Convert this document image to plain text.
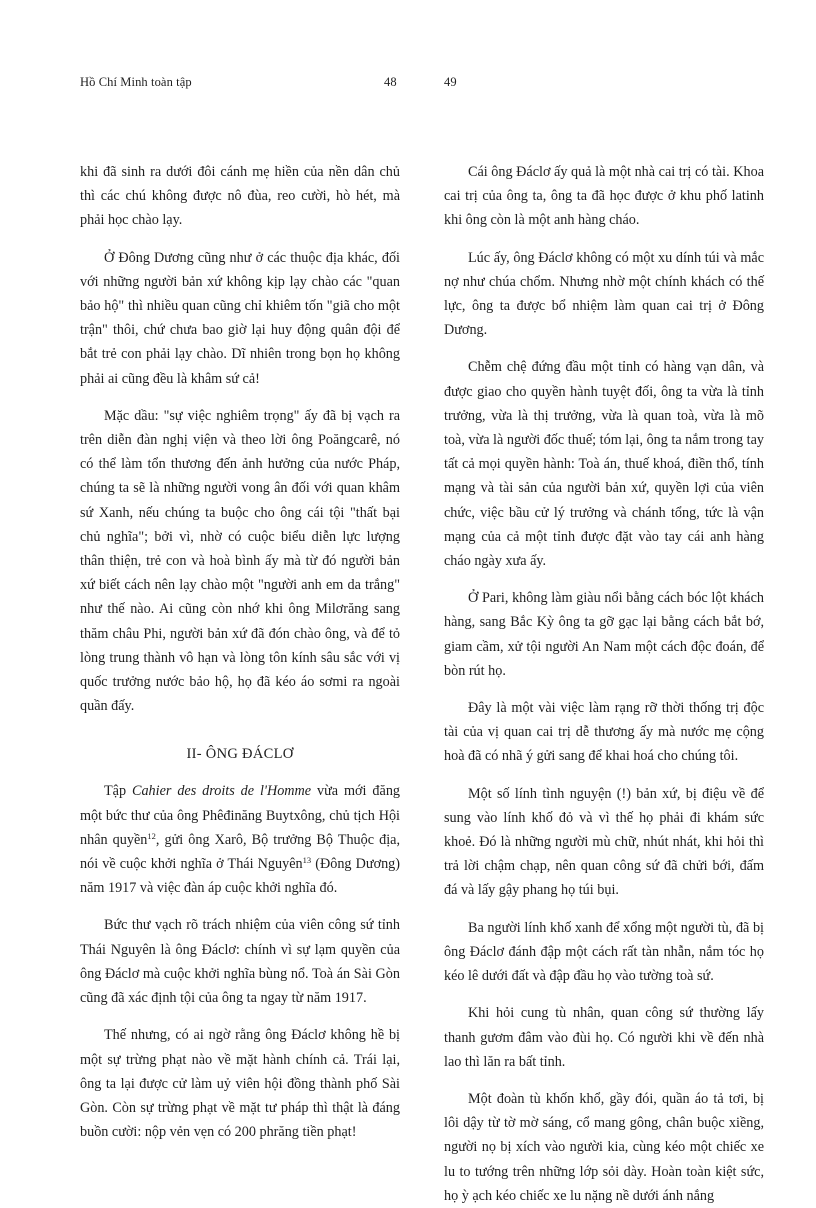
Hồ Chí Minh toàn tập	48	49

khi đã sinh ra dưới đôi cánh mẹ hiền của nền dân chủ thì các chú không được nô đùa, reo cười, hò hét, mà phải học chào lạy.

Ở Đông Dương cũng như ở các thuộc địa khác, đối với những người bản xứ không kịp lạy chào các "quan bảo hộ" thì nhiều quan cũng chỉ khiêm tốn "giã cho một trận" thôi, chứ chưa bao giờ lại huy động quân đội để bắt trẻ con phải lạy chào. Dĩ nhiên trong bọn họ không phải ai cũng đều là khâm sứ cả!

Mặc dầu: "sự việc nghiêm trọng" ấy đã bị vạch ra trên diễn đàn nghị viện và theo lời ông Poăngcarê, nó có thể làm tổn thương đến ảnh hưởng của nước Pháp, chúng ta sẽ là những người vong ân đối với quan khâm sứ Xanh, nếu chúng ta buộc cho ông cái tội "thất bại chủ nghĩa"; bởi vì, nhờ có cuộc biểu diễn lực lượng thân thiện, trẻ con và hoà bình ấy mà từ đó người bản xứ biết cách nên lạy chào một "người anh em da trắng" như thế nào. Ai cũng còn nhớ khi ông Milơrăng sang thăm châu Phi, người bản xứ đã đón chào ông, và để tỏ lòng trung thành vô hạn và lòng tôn kính sâu sắc với vị quốc trưởng nước bảo hộ, họ đã kéo áo sơmi ra ngoài quần đấy.

II- ÔNG ĐÁCLƠ

Tập Cahier des droits de l'Homme vừa mới đăng một bức thư của ông Phêđinăng Buytxông, chủ tịch Hội nhân quyền$^{12}$, gửi ông Xarô, Bộ trưởng Bộ Thuộc địa, nói về cuộc khởi nghĩa ở Thái Nguyên$^{13}$ (Đông Dương) năm 1917 và việc đàn áp cuộc khởi nghĩa đó.

Bức thư vạch rõ trách nhiệm của viên công sứ tỉnh Thái Nguyên là ông Đáclơ: chính vì sự lạm quyền của ông Đáclơ mà cuộc khởi nghĩa bùng nổ. Toà án Sài Gòn cũng đã xác định tội của ông ta ngay từ năm 1917.

Thế nhưng, có ai ngờ rằng ông Đáclơ không hề bị một sự trừng phạt nào về mặt hành chính cả. Trái lại, ông ta lại được cử làm uỷ viên hội đồng thành phố Sài Gòn. Còn sự trừng phạt về mặt tư pháp thì thật là đáng buồn cười: nộp vẻn vẹn có 200 phrăng tiền phạt!

Cái ông Đáclơ ấy quả là một nhà cai trị có tài. Khoa cai trị của ông ta, ông ta đã học được ở khu phố latinh khi ông còn là một anh hàng cháo.

Lúc ấy, ông Đáclơ không có một xu dính túi và mắc nợ như chúa chổm. Nhưng nhờ một chính khách có thế lực, ông ta được bổ nhiệm làm quan cai trị ở Đông Dương.

Chễm chệ đứng đầu một tỉnh có hàng vạn dân, và được giao cho quyền hành tuyệt đối, ông ta vừa là tỉnh trưởng, vừa là thị trưởng, vừa là quan toà, vừa là mõ toà, vừa là người đốc thuế; tóm lại, ông ta nắm trong tay tất cả mọi quyền hành: Toà án, thuế khoá, điền thổ, tính mạng và tài sản của người bản xứ, quyền lợi của viên chức, việc bầu cử lý trưởng và chánh tổng, tức là vận mạng của cả một tỉnh được đặt vào tay cái anh hàng cháo ngày xưa ấy.

Ở Pari, không làm giàu nổi bằng cách bóc lột khách hàng, sang Bắc Kỳ ông ta gỡ gạc lại bằng cách bắt bớ, giam cầm, xử tội người An Nam một cách độc đoán, để bòn rút họ.

Đây là một vài việc làm rạng rỡ thời thống trị độc tài của vị quan cai trị dễ thương ấy mà nước mẹ cộng hoà đã có nhã ý gửi sang để khai hoá cho chúng tôi.

Một số lính tình nguyện (!) bản xứ, bị điệu về để sung vào lính khố đỏ và vì thế họ phải đi khám sức khoẻ. Đó là những người mù chữ, nhút nhát, khi hỏi thì trả lời chậm chạp, nên quan công sứ đã chửi bới, đấm đá và lấy gậy phang họ túi bụi.

Ba người lính khố xanh để xổng một người tù, đã bị ông Đáclơ đánh đập một cách rất tàn nhẫn, nắm tóc họ kéo lê dưới đất và đập đầu họ vào tường toà sứ.

Khi hỏi cung tù nhân, quan công sứ thường lấy thanh gươm đâm vào đùi họ. Có người khi về đến nhà lao thì lăn ra bất tỉnh.

Một đoàn tù khốn khổ, gầy đói, quần áo tả tơi, bị lôi dậy từ tờ mờ sáng, cổ mang gông, chân buộc xiềng, người nọ bị xích vào người kia, cùng kéo một chiếc xe lu to tướng trên những lớp sỏi dày. Hoàn toàn kiệt sức, họ ỳ ạch kéo chiếc xe lu nặng nề dưới ánh nắng
